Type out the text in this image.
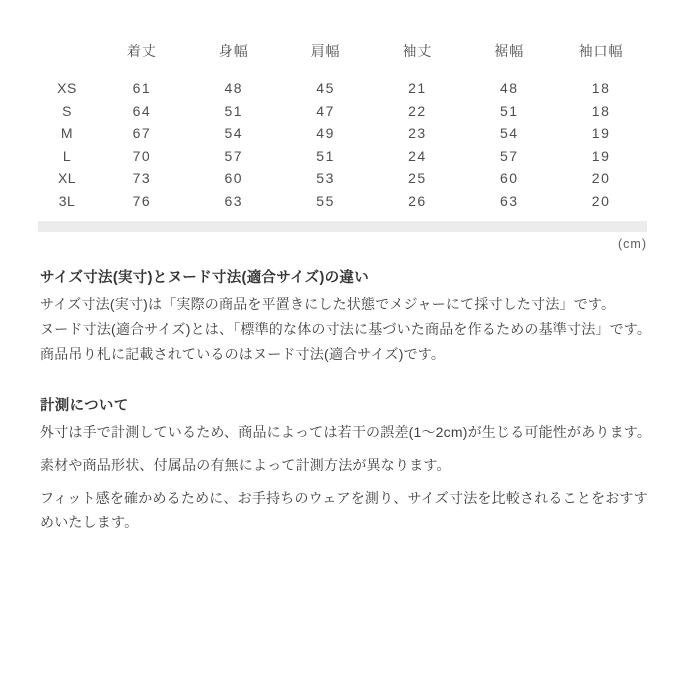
	着丈	身幅	肩幅	袖丈	裾幅	袖口幅
XS	61	48	45	21	48	18
S	64	51	47	22	51	18
M	67	54	49	23	54	19
L	70	57	51	24	57	19
XL	73	60	53	25	60	20
3L	76	63	55	26	63	20
(cm)
サイズ寸法(実寸)とヌード寸法(適合サイズ)の違い

サイズ寸法(実寸)は「実際の商品を平置きにした状態でメジャーにて採寸した寸法」です。

ヌード寸法(適合サイズ)とは、「標準的な体の寸法に基づいた商品を作るための基準寸法」です。

商品吊り札に記載されているのはヌード寸法(適合サイズ)です。

計測について

外寸は手で計測しているため、商品によっては若干の誤差(1〜2cm)が生じる可能性があります。

素材や商品形状、付属品の有無によって計測方法が異なります。

フィット感を確かめるために、お手持ちのウェアを測り、サイズ寸法を比較されることをおすすめいたします。
